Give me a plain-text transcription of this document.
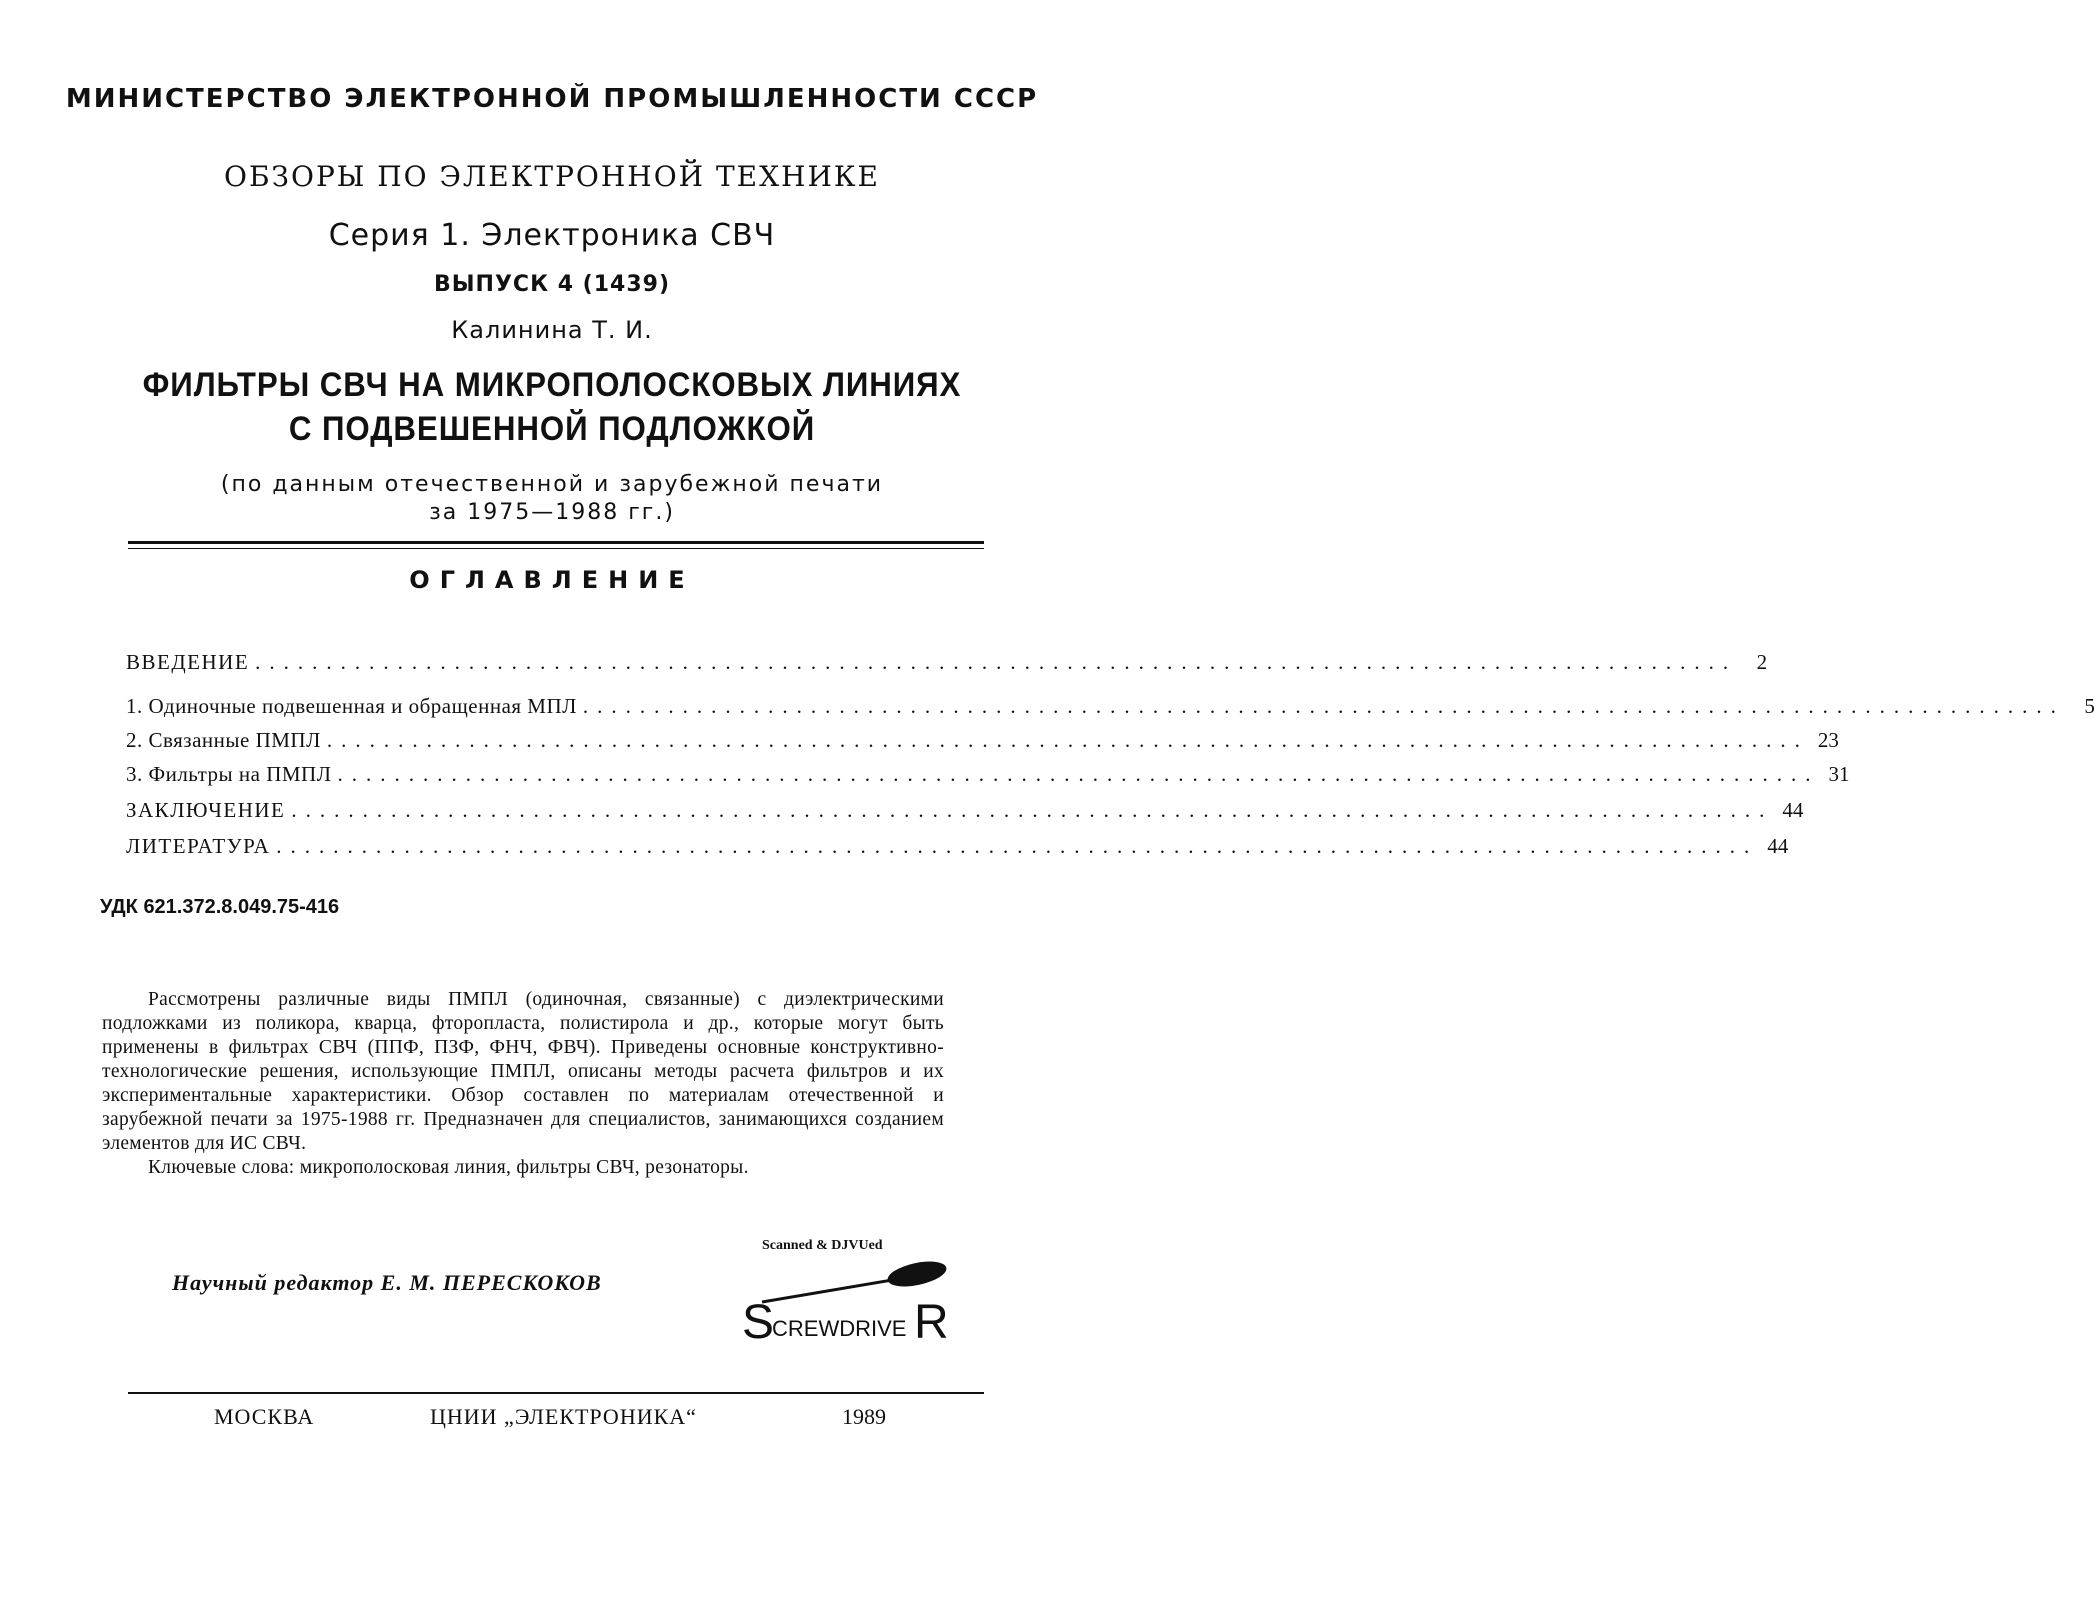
МИНИСТЕРСТВО ЭЛЕКТРОННОЙ ПРОМЫШЛЕННОСТИ СССР
ОБЗОРЫ ПО ЭЛЕКТРОННОЙ ТЕХНИКЕ
Серия 1. Электроника СВЧ
ВЫПУСК 4 (1439)
Калинина Т. И.
ФИЛЬТРЫ СВЧ НА МИКРОПОЛОСКОВЫХ ЛИНИЯХ
С ПОДВЕШЕННОЙ ПОДЛОЖКОЙ
(по данным отечественной и зарубежной печати
за 1975—1988 гг.)
ОГЛАВЛЕНИЕ
ВВЕДЕНИЕ ........................................................................................................ 2
1. Одиночные подвешенная и обращенная МПЛ ........................................................................................................ 5
2. Связанные ПМПЛ ........................................................................................................ 23
3. Фильтры на ПМПЛ ........................................................................................................ 31
ЗАКЛЮЧЕНИЕ ........................................................................................................ 44
ЛИТЕРАТУРА ........................................................................................................ 44
УДК 621.372.8.049.75-416

Рассмотрены различные виды ПМПЛ (одиночная, связанные) с диэлектрическими подложками из поликора, кварца, фторопласта, полистирола и др., которые могут быть применены в фильтрах СВЧ (ППФ, ПЗФ, ФНЧ, ФВЧ). Приведены основные конструктивно-технологические решения, использующие ПМПЛ, описаны методы расчета фильтров и их экспериментальные характеристики. Обзор составлен по материалам отечественной и зарубежной печати за 1975-1988 гг. Предназначен для специалистов, занимающихся созданием элементов для ИС СВЧ.

Ключевые слова: микрополосковая линия, фильтры СВЧ, резонаторы.

Научный редактор Е. М. ПЕРЕСКОКОВ
Scanned & DJVUed
S
CREWDRIVE R
МОСКВА	ЦНИИ „ЭЛЕКТРОНИКА“	1989
